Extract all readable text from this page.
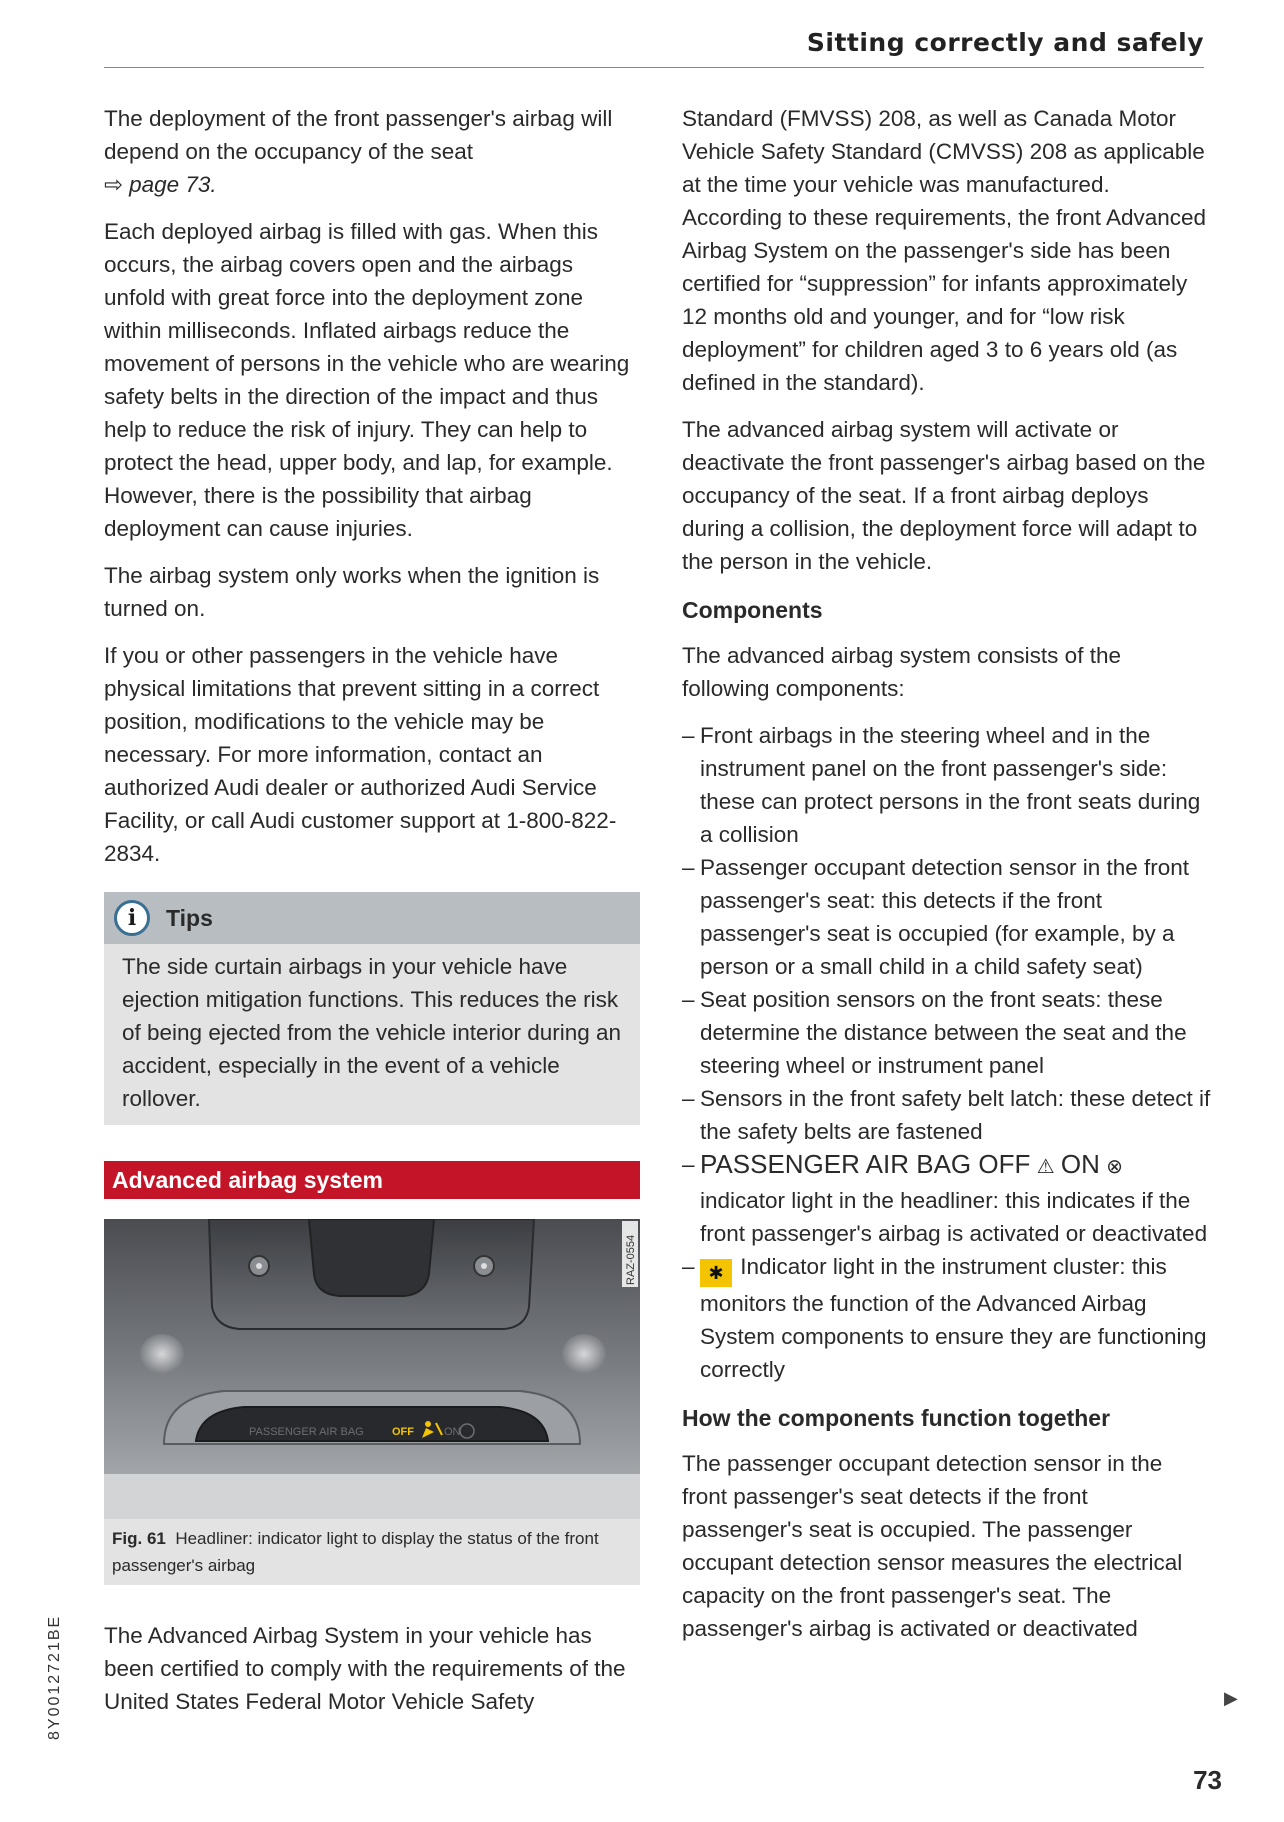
Sitting correctly and safely

The deployment of the front passenger's airbag will depend on the occupancy of the seat
⇨ page 73.

Each deployed airbag is filled with gas. When this occurs, the airbag covers open and the airbags unfold with great force into the deployment zone within milliseconds. Inflated airbags reduce the movement of persons in the vehicle who are wearing safety belts in the direction of the impact and thus help to reduce the risk of injury. They can help to protect the head, upper body, and lap, for example. However, there is the possibility that airbag deployment can cause injuries.

The airbag system only works when the ignition is turned on.

If you or other passengers in the vehicle have physical limitations that prevent sitting in a correct position, modifications to the vehicle may be necessary. For more information, contact an authorized Audi dealer or authorized Audi Service Facility, or call Audi customer support at 1-800-822-2834.

i	Tips
The side curtain airbags in your vehicle have ejection mitigation functions. This reduces the risk of being ejected from the vehicle interior during an accident, especially in the event of a vehicle rollover.
Advanced airbag system
PASSENGER AIR BAG	OFF	ON
RAZ-0554
Fig. 61 Headliner: indicator light to display the status of the front passenger's airbag

The Advanced Airbag System in your vehicle has been certified to comply with the requirements of the United States Federal Motor Vehicle Safety

Standard (FMVSS) 208, as well as Canada Motor Vehicle Safety Standard (CMVSS) 208 as applicable at the time your vehicle was manufactured. According to these requirements, the front Advanced Airbag System on the passenger's side has been certified for “suppression” for infants approximately 12 months old and younger, and for “low risk deployment” for children aged 3 to 6 years old (as defined in the standard).

The advanced airbag system will activate or deactivate the front passenger's airbag based on the occupancy of the seat. If a front airbag deploys during a collision, the deployment force will adapt to the person in the vehicle.

Components

The advanced airbag system consists of the following components:

– Front airbags in the steering wheel and in the instrument panel on the front passenger's side: these can protect persons in the front seats during a collision
– Passenger occupant detection sensor in the front passenger's seat: this detects if the front passenger's seat is occupied (for example, by a person or a small child in a child safety seat)
– Seat position sensors on the front seats: these determine the distance between the seat and the steering wheel or instrument panel
– Sensors in the front safety belt latch: these detect if the safety belts are fastened
– PASSENGER AIR BAG OFF ⚠ ON ⊗ indicator light in the headliner: this indicates if the front passenger's airbag is activated or deactivated
– ✱ Indicator light in the instrument cluster: this monitors the function of the Advanced Airbag System components to ensure they are functioning correctly
How the components function together

The passenger occupant detection sensor in the front passenger's seat detects if the front passenger's seat is occupied. The passenger occupant detection sensor measures the electrical capacity on the front passenger's seat. The passenger's airbag is activated or deactivated

▶
73
8Y0012721BE
